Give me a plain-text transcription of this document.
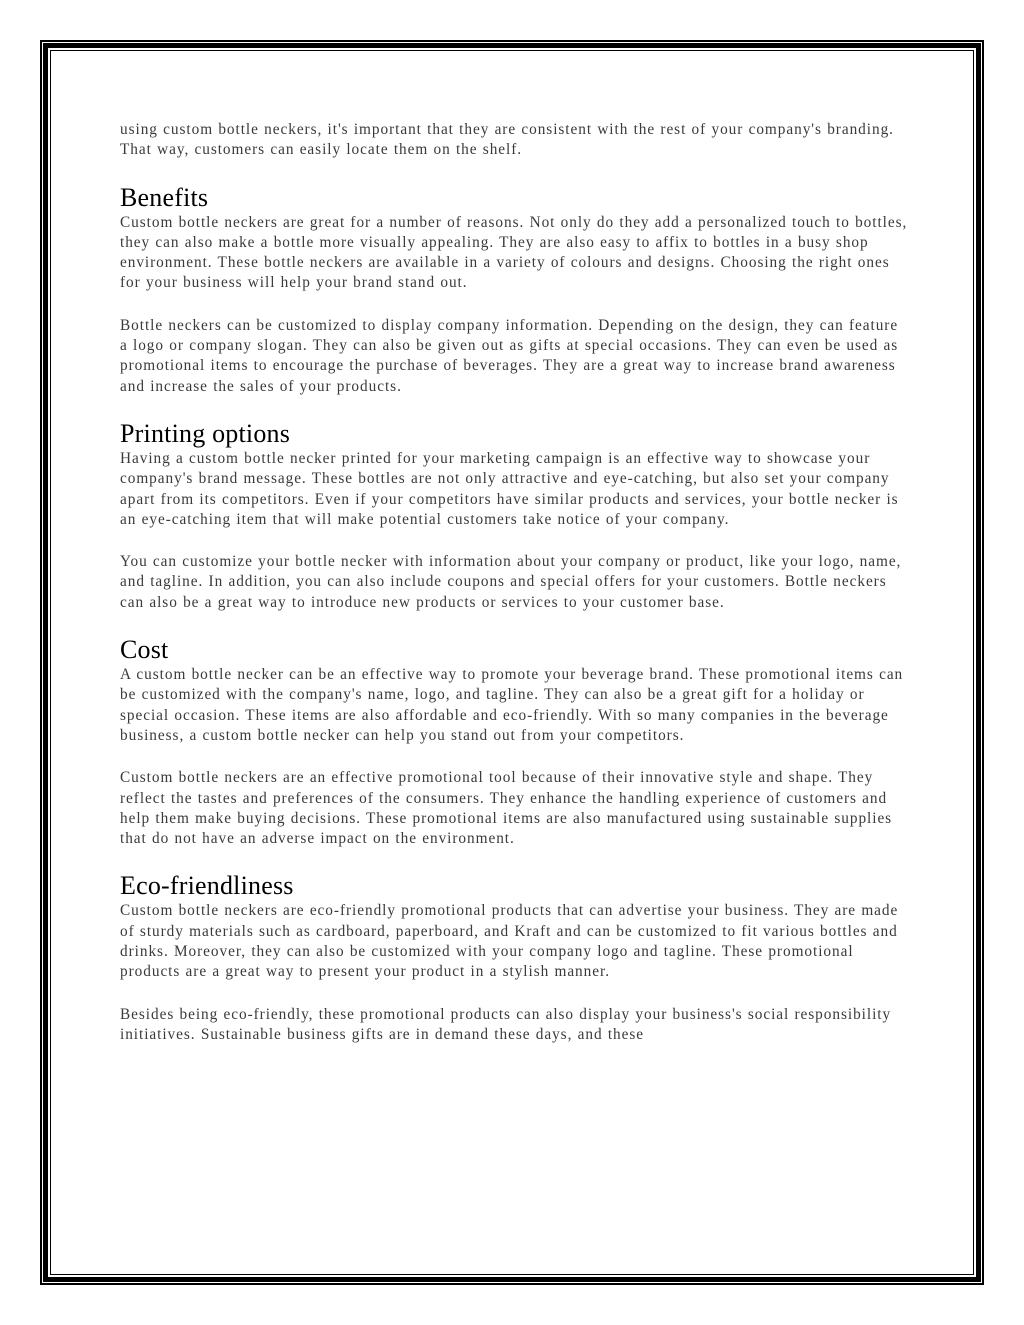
using custom bottle neckers, it's important that they are consistent with the rest of your company's branding. That way, customers can easily locate them on the shelf.

Benefits

Custom bottle neckers are great for a number of reasons. Not only do they add a personalized touch to bottles, they can also make a bottle more visually appealing. They are also easy to affix to bottles in a busy shop environment. These bottle neckers are available in a variety of colours and designs. Choosing the right ones for your business will help your brand stand out.

Bottle neckers can be customized to display company information. Depending on the design, they can feature a logo or company slogan. They can also be given out as gifts at special occasions. They can even be used as promotional items to encourage the purchase of beverages. They are a great way to increase brand awareness and increase the sales of your products.

Printing options

Having a custom bottle necker printed for your marketing campaign is an effective way to showcase your company's brand message. These bottles are not only attractive and eye-catching, but also set your company apart from its competitors. Even if your competitors have similar products and services, your bottle necker is an eye-catching item that will make potential customers take notice of your company.

You can customize your bottle necker with information about your company or product, like your logo, name, and tagline. In addition, you can also include coupons and special offers for your customers. Bottle neckers can also be a great way to introduce new products or services to your customer base.

Cost

A custom bottle necker can be an effective way to promote your beverage brand. These promotional items can be customized with the company's name, logo, and tagline. They can also be a great gift for a holiday or special occasion. These items are also affordable and eco-friendly. With so many companies in the beverage business, a custom bottle necker can help you stand out from your competitors.

Custom bottle neckers are an effective promotional tool because of their innovative style and shape. They reflect the tastes and preferences of the consumers. They enhance the handling experience of customers and help them make buying decisions. These promotional items are also manufactured using sustainable supplies that do not have an adverse impact on the environment.

Eco-friendliness

Custom bottle neckers are eco-friendly promotional products that can advertise your business. They are made of sturdy materials such as cardboard, paperboard, and Kraft and can be customized to fit various bottles and drinks. Moreover, they can also be customized with your company logo and tagline. These promotional products are a great way to present your product in a stylish manner.

Besides being eco-friendly, these promotional products can also display your business's social responsibility initiatives. Sustainable business gifts are in demand these days, and these
